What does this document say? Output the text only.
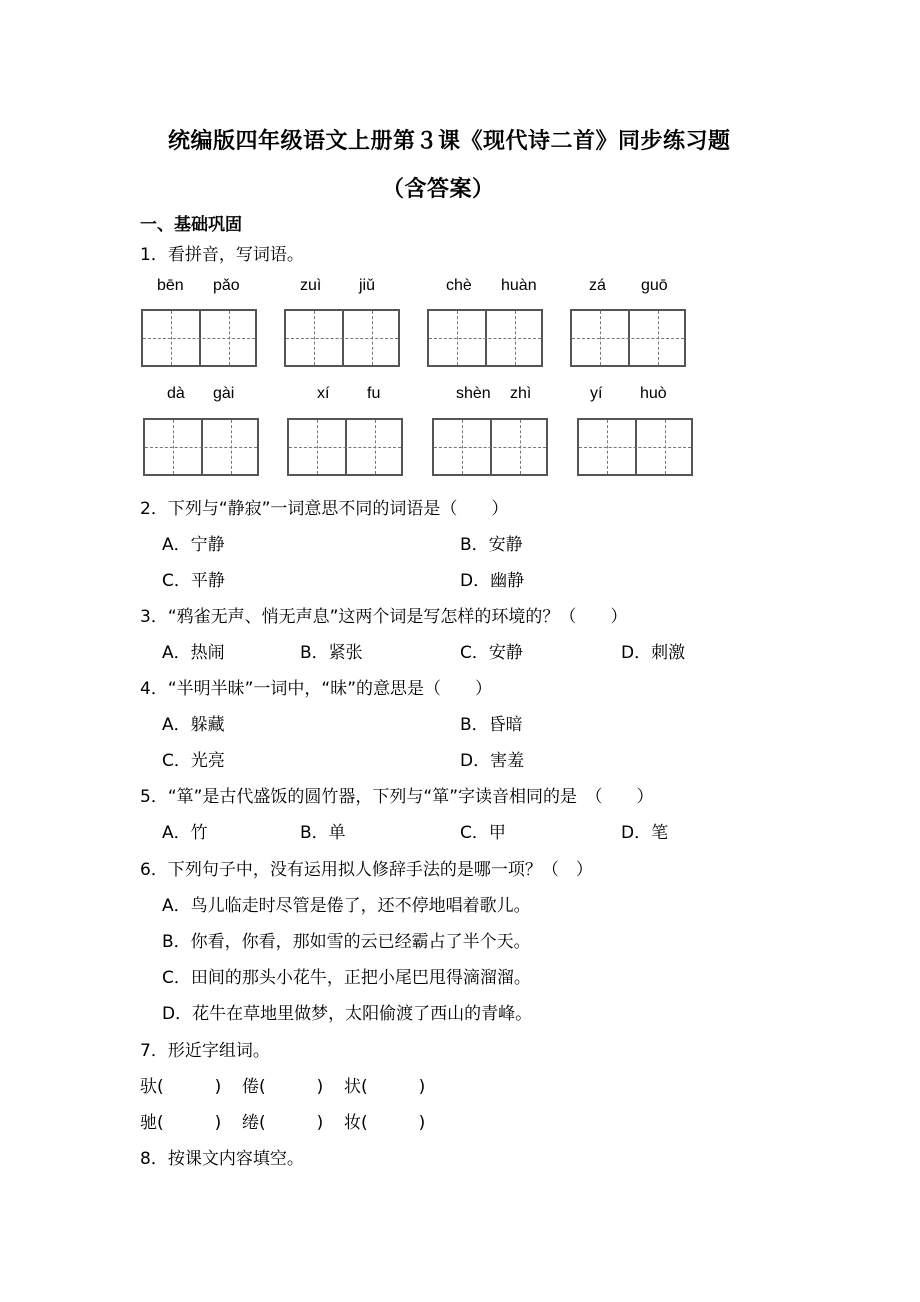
统编版四年级语文上册第３课《现代诗二首》同步练习题
（含答案）
一、基础巩固
1．看拼音，写词语。
bēn pǎo	zuì jiǔ	chè huàn	zá guō
dà gài	xí fu	shèn zhì	yí huò
2．下列与“静寂”一词意思不同的词语是（　　）
A．宁静	B．安静
C．平静	D．幽静
3．“鸦雀无声、悄无声息”这两个词是写怎样的环境的？（　　）
A．热闹	B．紧张	C．安静	D．刺激
4．“半明半昧”一词中，“昧”的意思是（　　）
A．躲藏	B．昏暗
C．光亮	D．害羞
5．“箪”是古代盛饭的圆竹器，下列与“箪”字读音相同的是　（　　）
A．竹	B．单	C．甲	D．笔
6．下列句子中，没有运用拟人修辞手法的是哪一项？（　）
A．鸟儿临走时尽管是倦了，还不停地唱着歌儿。
B．你看，你看，那如雪的云已经霸占了半个天。
C．田间的那头小花牛，正把小尾巴甩得滴溜溜。
D．花牛在草地里做梦，太阳偷渡了西山的青峰。
7．形近字组词。
驮(　　　) 倦(　　　) 状(　　　)
驰(　　　) 绻(　　　) 妆(　　　)
8．按课文内容填空。
